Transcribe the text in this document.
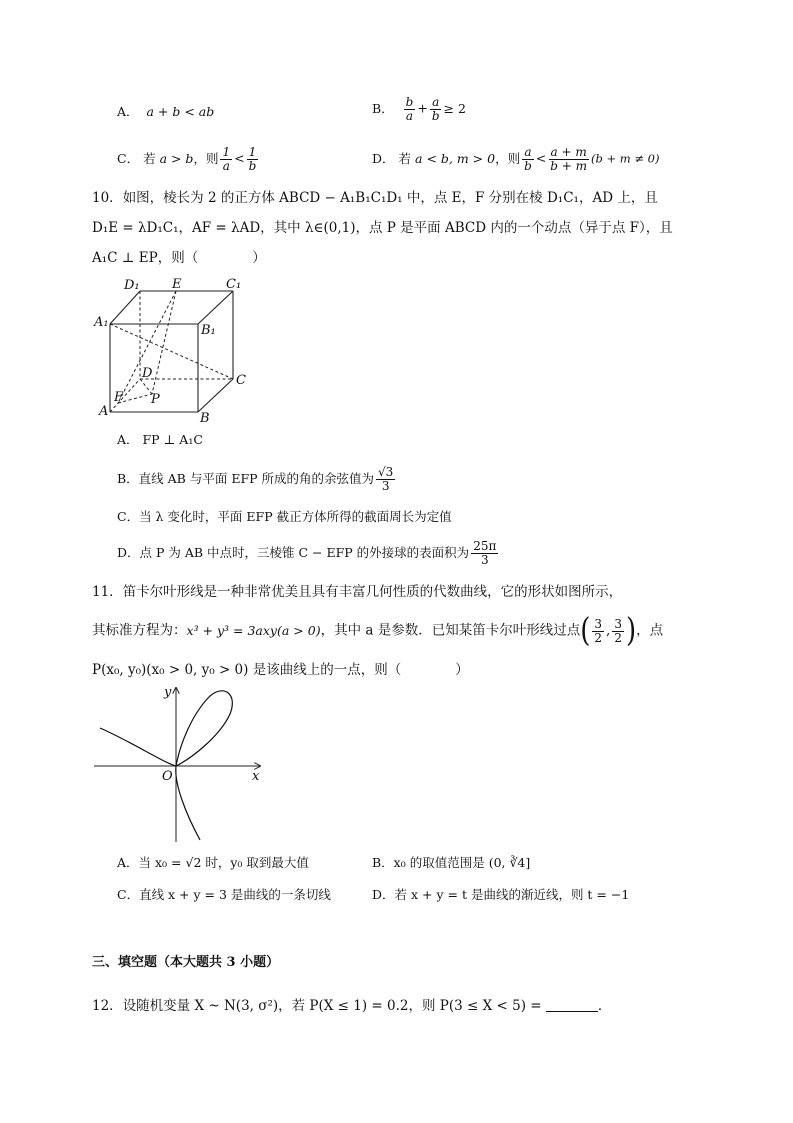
A． a + b < ab	B． $\frac{b}{a} + \frac{a}{b} \ge 2$
C． 若 a > b，则 $\frac{1}{a} < \frac{1}{b}$	D． 若 a < b, m > 0，则 $\frac{a}{b} < \frac{a + m}{b + m} (b + m \ne 0)$
10．如图，棱长为 2 的正方体 ABCD − A₁B₁C₁D₁ 中，点 E，F 分别在棱 D₁C₁，AD 上，且
D₁E = λD₁C₁，AF = λAD，其中 λ∈(0,1)，点 P 是平面 ABCD 内的一个动点（异于点 F），且
A₁C ⊥ EP，则（　　　　）
D₁ E	C₁
A₁
B₁
D	C
F P
A	B
A． FP ⊥ A₁C
B．直线 AB 与平面 EFP 所成的角的余弦值为 $\frac{√3}{3}$
C．当 λ 变化时，平面 EFP 截正方体所得的截面周长为定值
D．点 P 为 AB 中点时，三棱锥 C − EFP 的外接球的表面积为 $\frac{25\pi}{3}$
11．笛卡尔叶形线是一种非常优美且具有丰富几何性质的代数曲线，它的形状如图所示，
其标准方程为：x³ + y³ = 3axy(a > 0)，其中 a 是参数．已知某笛卡尔叶形线过点( $\frac{3}{2}$ , $\frac{3}{2}$ )，点
P(x₀, y₀)(x₀ > 0, y₀ > 0) 是该曲线上的一点，则（　　　　）
y
x
O
A．当 x₀ = √2 时，y₀ 取到最大值	B．x₀ 的取值范围是 (0, ∛4]
C．直线 x + y = 3 是曲线的一条切线	D．若 x + y = t 是曲线的渐近线，则 t = −1
三、填空题（本大题共 3 小题）
12．设随机变量 X ~ N(3, σ²)，若 P(X ≤ 1) = 0.2，则 P(3 ≤ X < 5) =	．
